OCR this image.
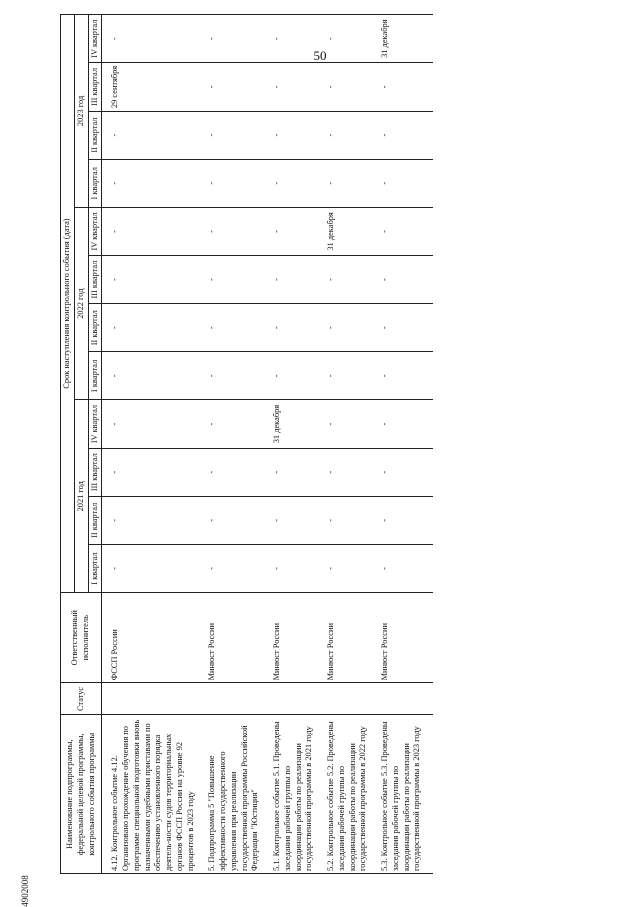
50
Наименование подпрограммы, федеральной целевой программы, контрольного события программы	Статус	Ответственный исполнитель	Срок наступления контрольного события (дата)											
			2021 год				2022 год				2023 год			
			I квартал	II квартал	III квартал	IV квартал	I квартал	II квартал	III квартал	IV квартал	I квартал	II квартал	III квартал	IV квартал
4.12. Контрольное событие 4.12. Организовано прохождение обучения по программе специальной подготовки вновь назначенными судебными приставами по обеспечению установленного порядка деятель-ности судов территориальных органов ФССП России на уровне 92 процентов в 2023 году		ФССП России	-	-	-	-	-	-	-	-	-	-	29 сентября	-
5. Подпрограмма 5 "Повышение эффективности государственного управления при реализации государственной программы Российской Федерации "Юстиция"		Минюст России	-	-	-	-	-	-	-	-	-	-	-	-
5.1. Контрольное событие 5.1. Проведены заседания рабочей группы по координации работы по реализации государственной программы в 2021 году		Минюст России	-	-	-	31 декабря	-	-	-	-	-	-	-	-
5.2. Контрольное событие 5.2. Проведены заседания рабочей группы по координации работы по реализации государственной программы в 2022 году		Минюст России	-	-	-	-	-	-	-	31 декабря	-	-	-	-
5.3. Контрольное событие 5.3. Проведены заседания рабочей группы по координации работы по реализации государственной программы в 2023 году		Минюст России	-	-	-	-	-	-	-	-	-	-	-	31 декабря
4902008
